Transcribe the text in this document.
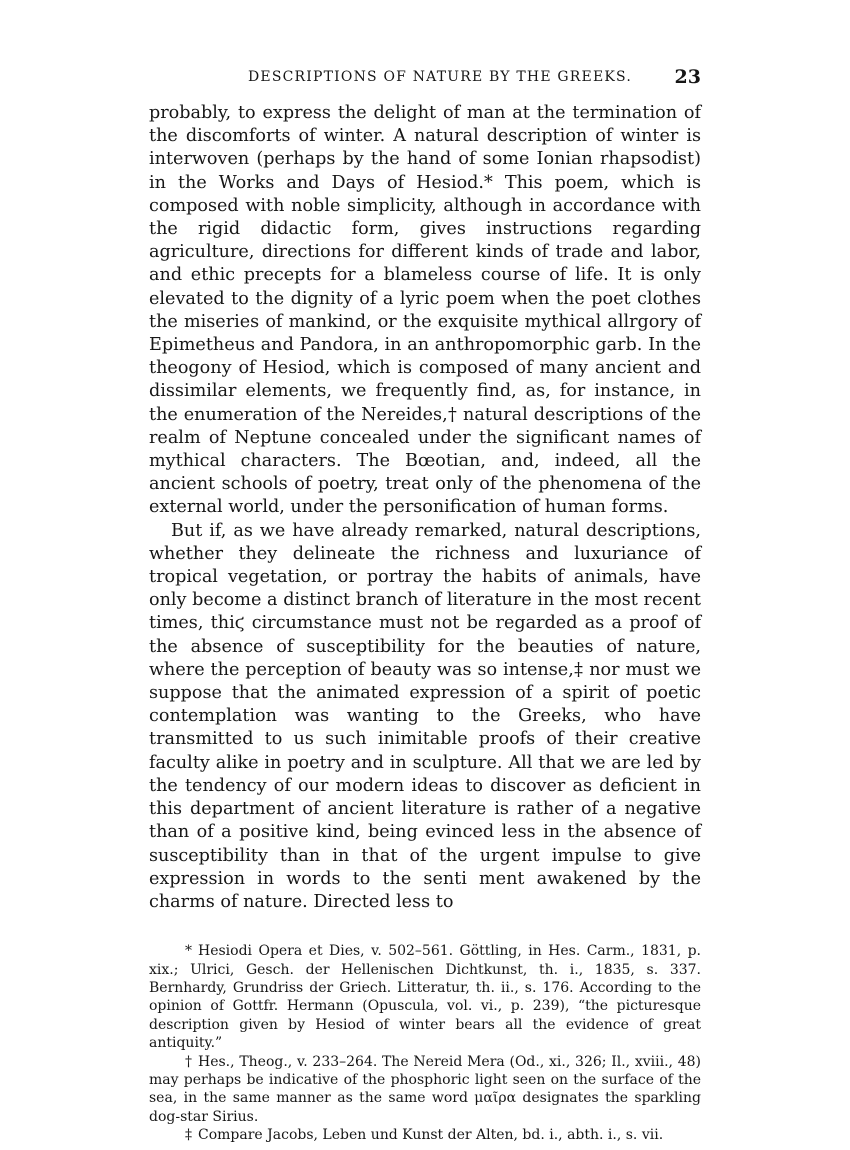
DESCRIPTIONS OF NATURE BY THE GREEKS. 23

probably, to express the delight of man at the termination of the discomforts of winter. A natural description of winter is interwoven (perhaps by the hand of some Ionian rhapsodist) in the Works and Days of Hesiod.* This poem, which is composed with noble simplicity, although in accordance with the rigid didactic form, gives instructions regarding agriculture, directions for different kinds of trade and labor, and ethic precepts for a blameless course of life. It is only elevated to the dignity of a lyric poem when the poet clothes the miseries of mankind, or the exquisite mythical allrgory of Epimetheus and Pandora, in an anthropomorphic garb. In the theogony of Hesiod, which is composed of many ancient and dissimilar elements, we frequently find, as, for instance, in the enumeration of the Nereides,† natural descriptions of the realm of Neptune concealed under the significant names of mythical characters. The Bœotian, and, indeed, all the ancient schools of poetry, treat only of the phenomena of the external world, under the personification of human forms.

But if, as we have already remarked, natural descriptions, whether they delineate the richness and luxuriance of tropical vegetation, or portray the habits of animals, have only become a distinct branch of literature in the most recent times, thiϛ circumstance must not be regarded as a proof of the absence of susceptibility for the beauties of nature, where the perception of beauty was so intense,‡ nor must we suppose that the animated expression of a spirit of poetic contemplation was wanting to the Greeks, who have transmitted to us such inimitable proofs of their creative faculty alike in poetry and in sculpture. All that we are led by the tendency of our modern ideas to discover as deficient in this department of ancient literature is rather of a negative than of a positive kind, being evinced less in the absence of susceptibility than in that of the urgent impulse to give expression in words to the senti ment awakened by the charms of nature. Directed less to

* Hesiodi Opera et Dies, v. 502–561. Göttling, in Hes. Carm., 1831, p. xix.; Ulrici, Gesch. der Hellenischen Dichtkunst, th. i., 1835, s. 337. Bernhardy, Grundriss der Griech. Litteratur, th. ii., s. 176. According to the opinion of Gottfr. Hermann (Opuscula, vol. vi., p. 239), “the picturesque description given by Hesiod of winter bears all the evidence of great antiquity.”

† Hes., Theog., v. 233–264. The Nereid Mera (Od., xi., 326; Il., xviii., 48) may perhaps be indicative of the phosphoric light seen on the surface of the sea, in the same manner as the same word μαῖρα designates the sparkling dog-star Sirius.

‡ Compare Jacobs, Leben und Kunst der Alten, bd. i., abth. i., s. vii.
